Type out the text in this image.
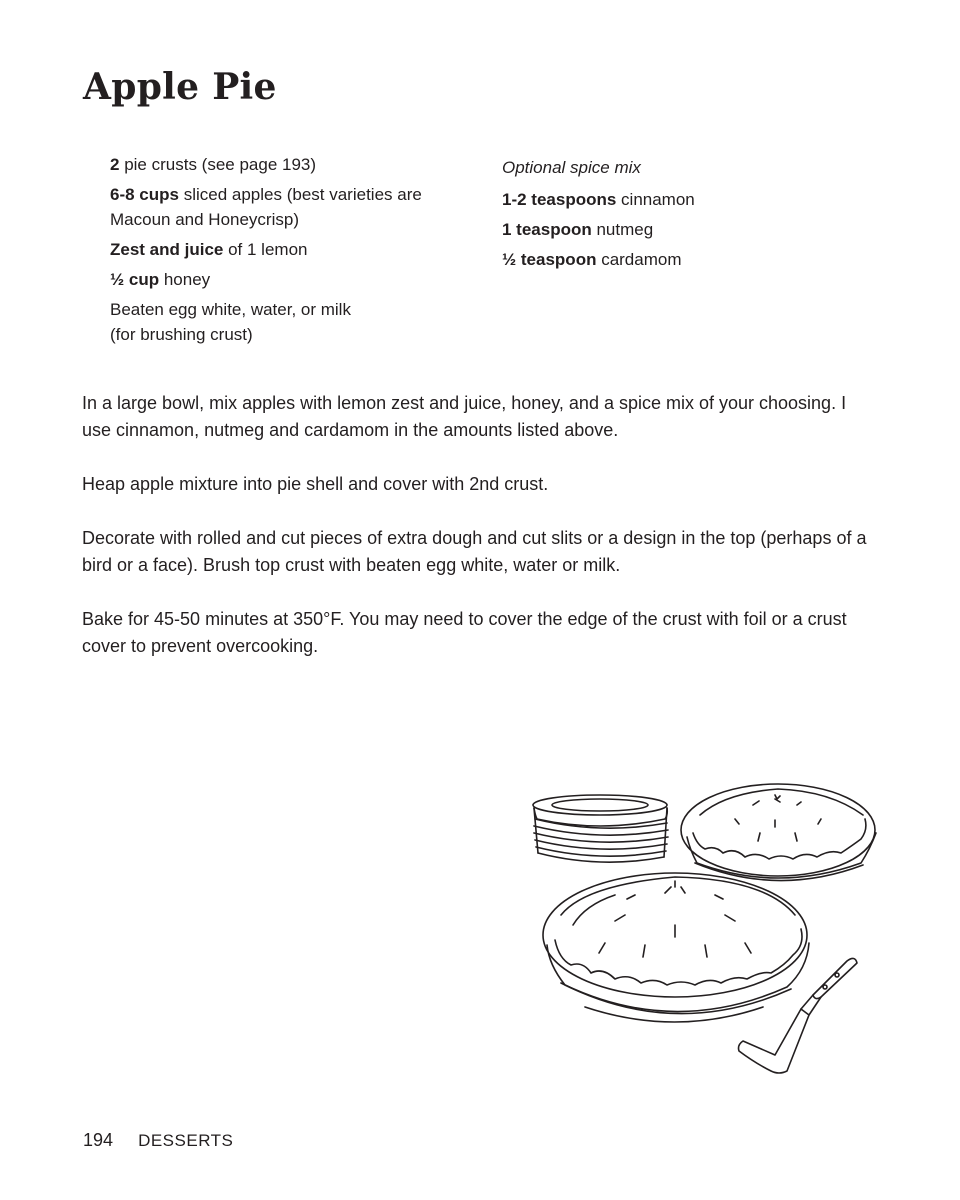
Apple Pie
2 pie crusts (see page 193)
6-8 cups sliced apples (best varieties are Macoun and Honeycrisp)
Zest and juice of 1 lemon
½ cup honey
Beaten egg white, water, or milk (for brushing crust)
Optional spice mix
1-2 teaspoons cinnamon
1 teaspoon nutmeg
½ teaspoon cardamom

In a large bowl, mix apples with lemon zest and juice, honey, and a spice mix of your choosing. I use cinnamon, nutmeg and cardamom in the amounts listed above.

Heap apple mixture into pie shell and cover with 2nd crust.

Decorate with rolled and cut pieces of extra dough and cut slits or a design in the top (perhaps of a bird or a face). Brush top crust with beaten egg white, water or milk.

Bake for 45-50 minutes at 350°F. You may need to cover the edge of the crust with foil or a crust cover to prevent overcooking.

194 DESSERTS
